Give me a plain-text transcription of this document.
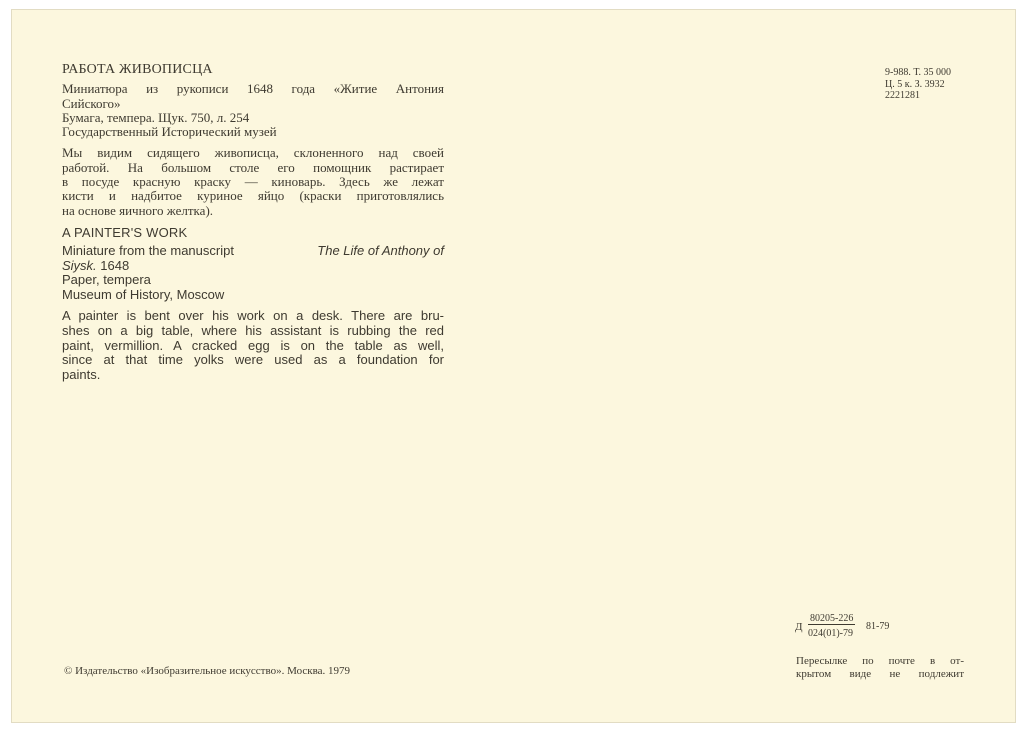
РАБОТА ЖИВОПИСЦА
Миниатюра из рукописи 1648 года «Житие Антония
Сийского»
Бумага, темпера. Щук. 750, л. 254
Государственный Исторический музей
Мы видим сидящего живописца, склоненного над своей
работой. На большом столе его помощник растирает
в посуде красную краску — киноварь. Здесь же лежат
кисти и надбитое куриное яйцо (краски приготовлялись
на основе яичного желтка).
A PAINTER'S WORK
Miniature from the manuscript	The Life of Anthony of
Siysk. 1648
Paper, tempera
Museum of History, Moscow
A painter is bent over his work on a desk. There are bru-
shes on a big table, where his assistant is rubbing the red
paint, vermillion. A cracked egg is on the table as well,
since at that time yolks were used as a foundation for
paints.
9-988. Т. 35 000
Ц. 5 к. З. 3932
2221281
Д
80205-226
024(01)-79
81-79
Пересылке по почте в от-
крытом виде не подлежит
© Издательство «Изобразительное искусство». Москва. 1979
